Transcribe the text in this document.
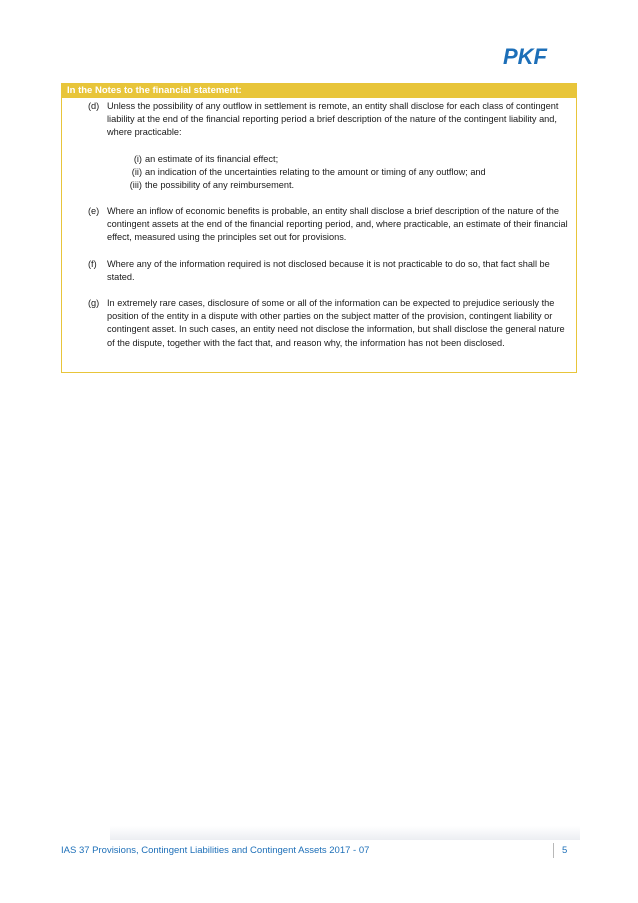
PKF
In the Notes to the financial statement:
(d) Unless the possibility of any outflow in settlement is remote, an entity shall disclose for each class of contingent liability at the end of the financial reporting period a brief description of the nature of the contingent liability and, where practicable:
(i) an estimate of its financial effect;
(ii) an indication of the uncertainties relating to the amount or timing of any outflow; and
(iii) the possibility of any reimbursement.
(e) Where an inflow of economic benefits is probable, an entity shall disclose a brief description of the nature of the contingent assets at the end of the financial reporting period, and, where practicable, an estimate of their financial effect, measured using the principles set out for provisions.
(f) Where any of the information required is not disclosed because it is not practicable to do so, that fact shall be stated.
(g) In extremely rare cases, disclosure of some or all of the information can be expected to prejudice seriously the position of the entity in a dispute with other parties on the subject matter of the provision, contingent liability or contingent asset. In such cases, an entity need not disclose the information, but shall disclose the general nature of the dispute, together with the fact that, and reason why, the information has not been disclosed.
IAS 37 Provisions, Contingent Liabilities and Contingent Assets 2017 - 07	5
